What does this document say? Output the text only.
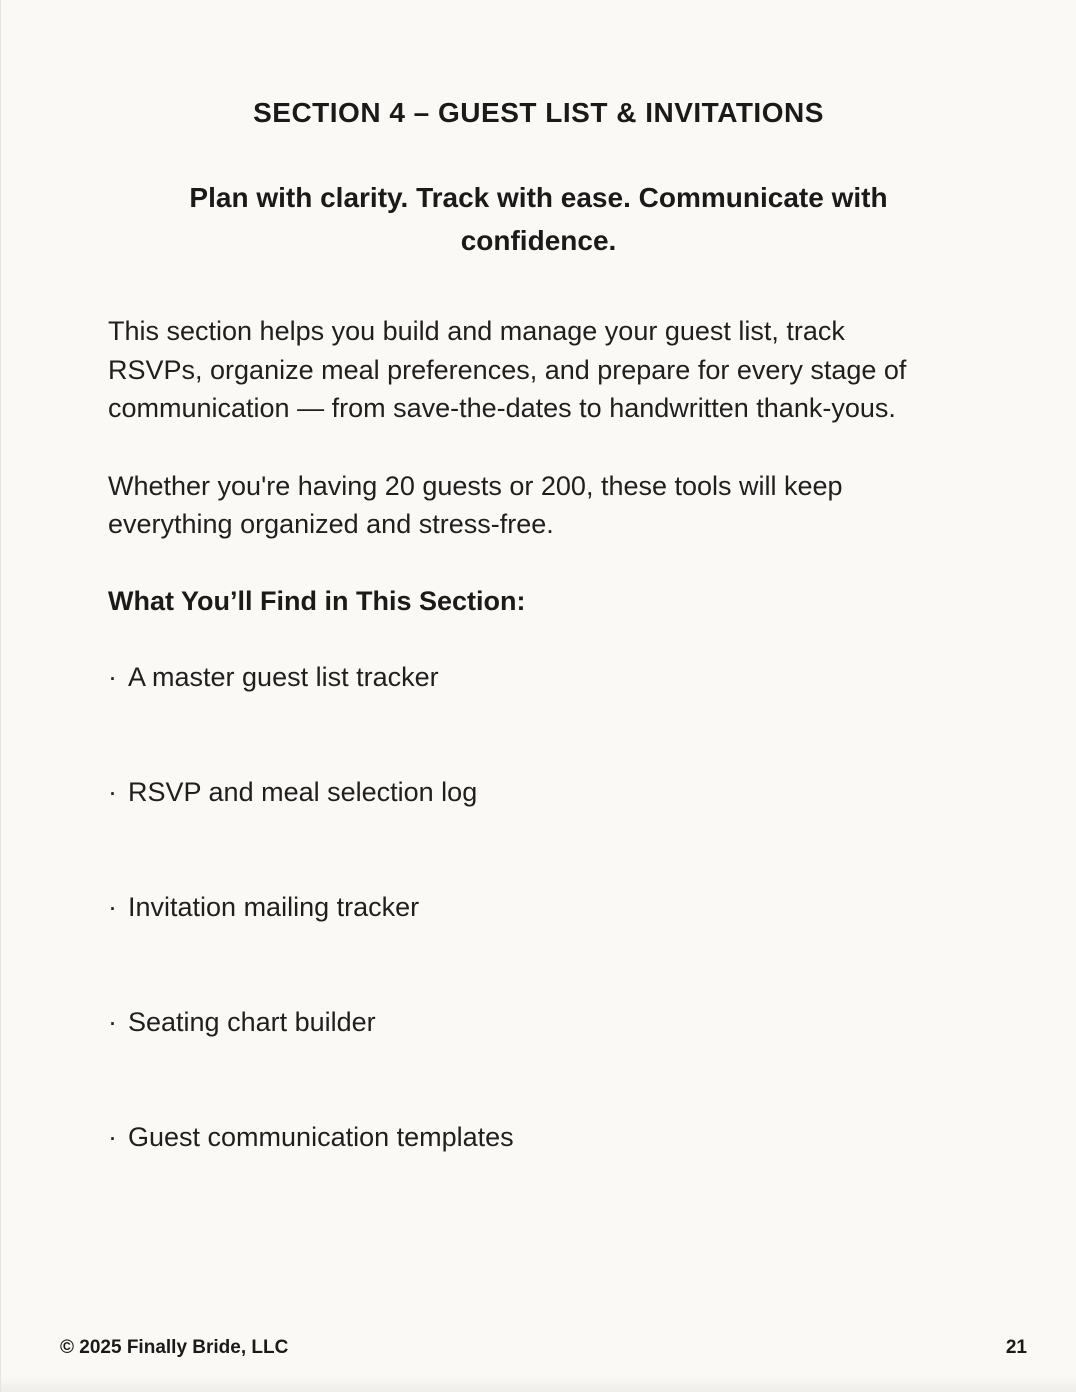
SECTION 4 – GUEST LIST & INVITATIONS
Plan with clarity. Track with ease. Communicate with confidence.

This section helps you build and manage your guest list, track RSVPs, organize meal preferences, and prepare for every stage of communication — from save-the-dates to handwritten thank-yous.

Whether you're having 20 guests or 200, these tools will keep everything organized and stress-free.

What You’ll Find in This Section:
· A master guest list tracker
· RSVP and meal selection log
· Invitation mailing tracker
· Seating chart builder
· Guest communication templates
© 2025 Finally Bride, LLC	21
